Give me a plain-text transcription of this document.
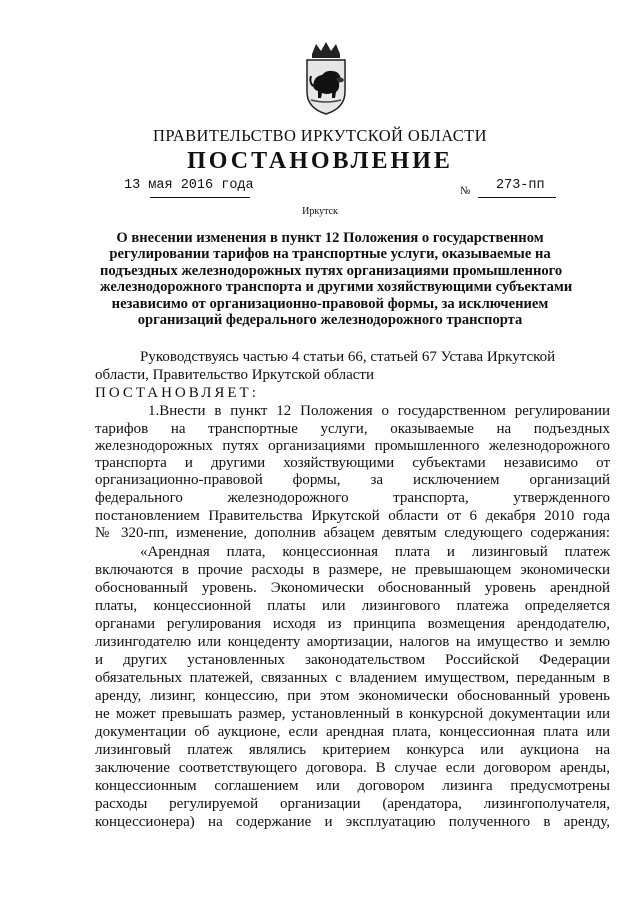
ПРАВИТЕЛЬСТВО ИРКУТСКОЙ ОБЛАСТИ
ПОСТАНОВЛЕНИЕ
13 мая 2016 года	№ 273-пп
Иркутск
О внесении изменения в пункт 12 Положения о государственном
регулировании тарифов на транспортные услуги, оказываемые на
подъездных железнодорожных путях организациями промышленного
железнодорожного транспорта и другими хозяйствующими субъектами
независимо от организационно-правовой формы, за исключением
организаций федерального железнодорожного транспорта
Руководствуясь частью 4 статьи 66, статьей 67 Устава Иркутской
области, Правительство Иркутской области
ПОСТАНОВЛЯЕТ:
1.Внести в пункт 12 Положения о государственном регулировании
тарифов на транспортные услуги, оказываемые на подъездных
железнодорожных путях организациями промышленного железнодорожного
транспорта и другими хозяйствующими субъектами независимо от
организационно-правовой формы, за исключением организаций
федерального железнодорожного транспорта, утвержденного
постановлением Правительства Иркутской области от 6 декабря 2010 года
№ 320-пп, изменение, дополнив абзацем девятым следующего содержания:
«Арендная плата, концессионная плата и лизинговый платеж
включаются в прочие расходы в размере, не превышающем экономически
обоснованный уровень. Экономически обоснованный уровень арендной
платы, концессионной платы или лизингового платежа определяется
органами регулирования исходя из принципа возмещения арендодателю,
лизингодателю или концеденту амортизации, налогов на имущество и землю
и других установленных законодательством Российской Федерации
обязательных платежей, связанных с владением имуществом, переданным в
аренду, лизинг, концессию, при этом экономически обоснованный уровень
не может превышать размер, установленный в конкурсной документации или
документации об аукционе, если арендная плата, концессионная плата или
лизинговый платеж являлись критерием конкурса или аукциона на
заключение соответствующего договора. В случае если договором аренды,
концессионным соглашением или договором лизинга предусмотрены
расходы регулируемой организации (арендатора, лизингополучателя,
концессионера) на содержание и эксплуатацию полученного в аренду,
